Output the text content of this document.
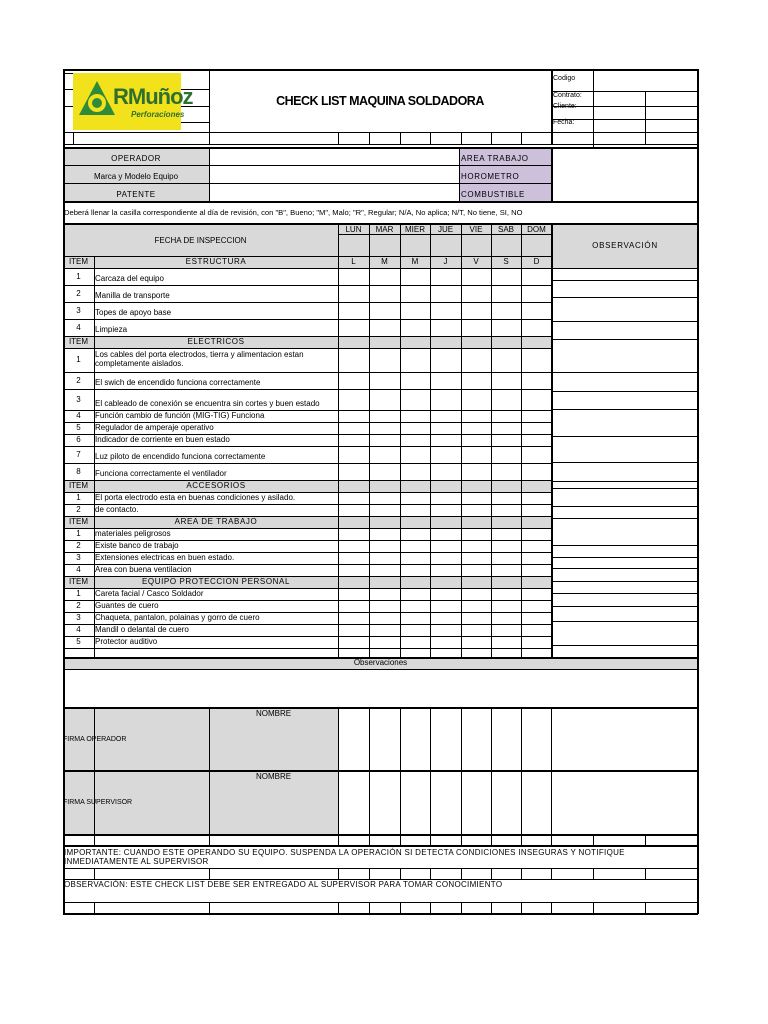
RMuñoz
Perforaciones
CHECK LIST MAQUINA SOLDADORA
Codigo
Contrato:
Cliente:
Fecha:
OPERADOR
Marca y Modelo Equipo
PATENTE
AREA TRABAJO
HOROMETRO
COMBUSTIBLE
Deberá llenar la casilla correspondiente al día de revisión, con "B", Bueno; "M", Malo; "R", Regular; N/A, No aplica; N/T, No tiene, SI, NO
FECHA DE INSPECCION
OBSERVACIÓN
Observaciones
NOMBRE
FIRMA OPERADOR
NOMBRE
FIRMA SUPERVISOR
IMPORTANTE: CUANDO ESTE OPERANDO SU EQUIPO. SUSPENDA LA OPERACIÓN SI DETECTA CONDICIONES INSEGURAS Y NOTIFIQUE INMEDIATAMENTE AL SUPERVISOR
OBSERVACIÓN: ESTE CHECK LIST DEBE SER ENTREGADO AL SUPERVISOR PARA TOMAR CONOCIMIENTO
LUN	MAR	MIER	JUE	VIE	SAB	DOM
ITEM	ESTRUCTURA	L	M	M	J	V	S	D
1	Carcaza del equipo
2	Manilla de transporte
3	Topes de apoyo base
4	Limpieza
ITEM	ELECTRICOS
1
Los cables del porta electrodos, tierra y alimentacion estan
completamente aislados.
2	El swich de encendido funciona correctamente
3	El cableado de conexión se encuentra sin cortes y buen estado
4	Función cambio de función (MIG-TIG) Funciona
5	Regulador de amperaje operativo
6	Indicador de corriente en buen estado
7	Luz piloto de encendido funciona correctamente
8	Funciona correctamente el ventilador
ITEM	ACCESORIOS
1	El porta electrodo esta en buenas condiciones y asilado.
2	de contacto.
ITEM	AREA DE TRABAJO
1	materiales peligrosos
2	Existe banco de trabajo
3	Extensiones electricas en buen estado.
4	Area con buena ventilacion
ITEM	EQUIPO PROTECCION PERSONAL
1	Careta facial / Casco Soldador
2	Guantes de cuero
3	Chaqueta, pantalon, polainas y gorro de cuero
4	Mandil o delantal de cuero
5	Protector auditivo
